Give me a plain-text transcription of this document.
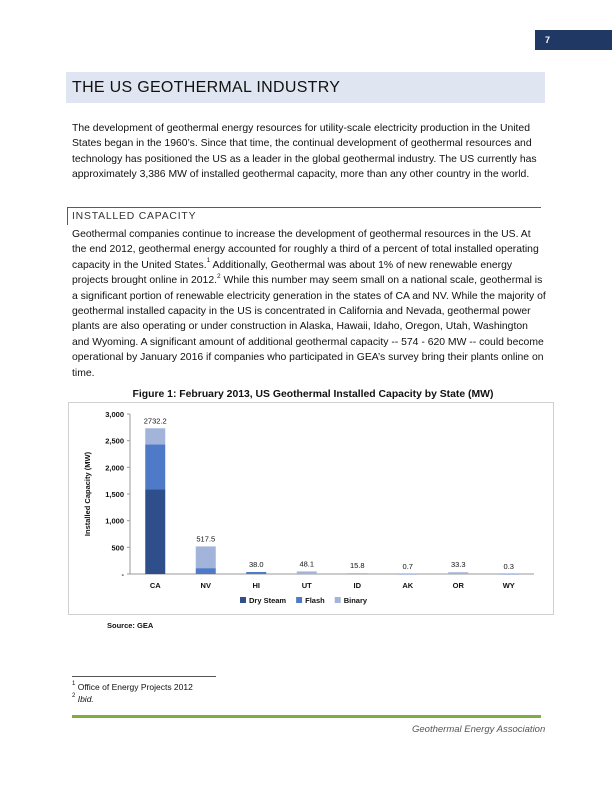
7
THE US GEOTHERMAL INDUSTRY
The development of geothermal energy resources for utility-scale electricity production in the United States began in the 1960’s. Since that time, the continual development of geothermal resources and technology has positioned the US as a leader in the global geothermal industry. The US currently has approximately 3,386 MW of installed geothermal capacity, more than any other country in the world.
INSTALLED CAPACITY
Geothermal companies continue to increase the development of geothermal resources in the US. At the end 2012, geothermal energy accounted for roughly a third of a percent of total installed operating capacity in the United States.$^1$ Additionally, Geothermal was about 1% of new renewable energy projects brought online in 2012.$^2$ While this number may seem small on a national scale, geothermal is a significant portion of renewable electricity generation in the states of CA and NV. While the majority of geothermal installed capacity in the US is concentrated in California and Nevada, geothermal power plants are also operating or under construction in Alaska, Hawaii, Idaho, Oregon, Utah, Washington and Wyoming. A significant amount of additional geothermal capacity -- 574 - 620 MW -- could become operational by January 2016 if companies who participated in GEA’s survey bring their plants online on time.
Figure 1: February 2013, US Geothermal Installed Capacity by State (MW)
-
500
1,000
1,500
2,000
2,500
3,000
Installed Capacity (MW)
2732.2
CA
517.5
NV
38.0
HI
48.1
UT
15.8
ID
0.7
AK
33.3
OR
0.3
WY
Dry Steam	Flash	Binary
Source: GEA
$^1$ Office of Energy Projects 2012
$^2$ Ibid.
Geothermal Energy Association
